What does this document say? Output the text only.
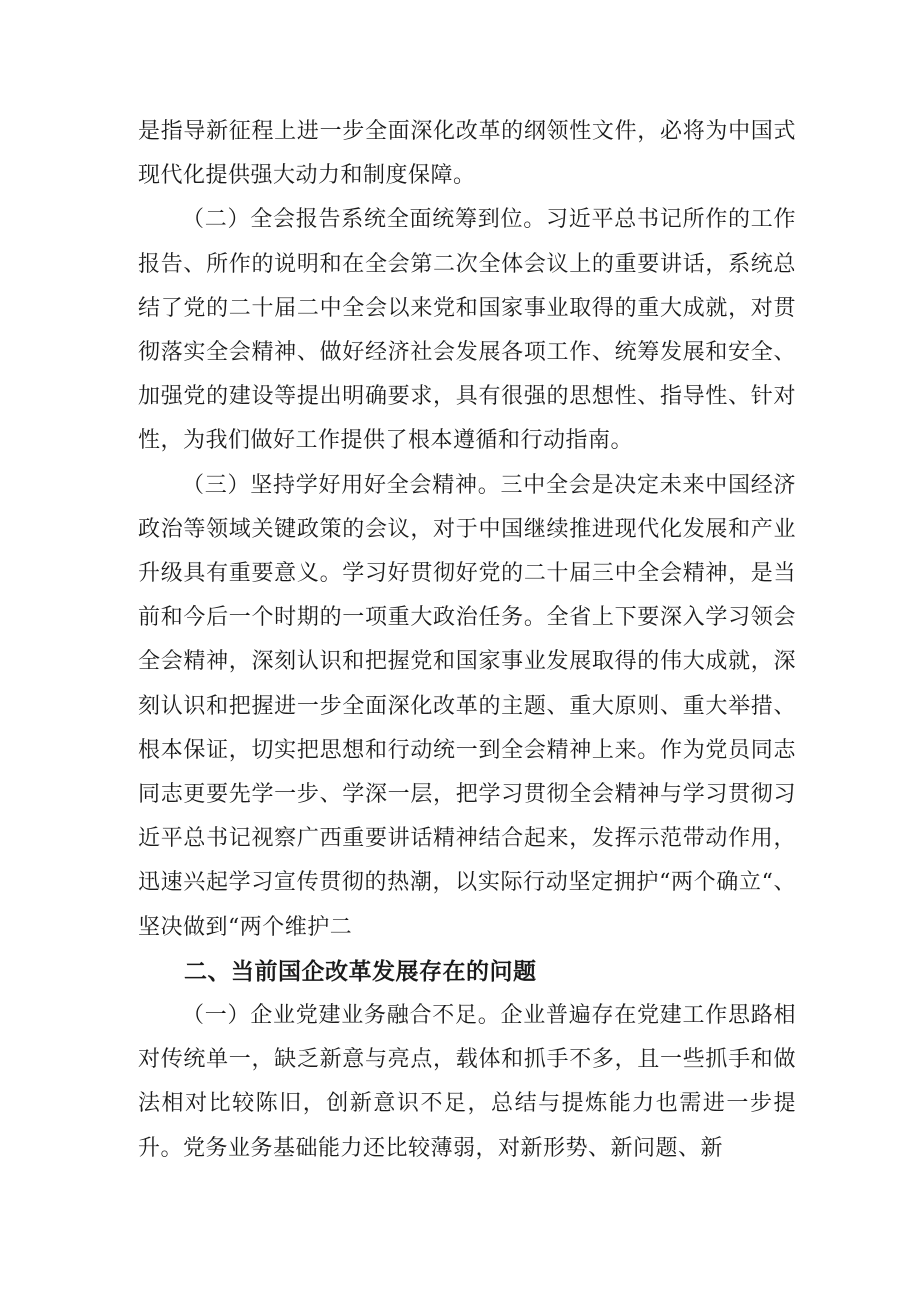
是指导新征程上进一步全面深化改革的纲领性文件，必将为中国式现代化提供强大动力和制度保障。

（二）全会报告系统全面统筹到位。习近平总书记所作的工作报告、所作的说明和在全会第二次全体会议上的重要讲话，系统总结了党的二十届二中全会以来党和国家事业取得的重大成就，对贯彻落实全会精神、做好经济社会发展各项工作、统筹发展和安全、加强党的建设等提出明确要求，具有很强的思想性、指导性、针对性，为我们做好工作提供了根本遵循和行动指南。

（三）坚持学好用好全会精神。三中全会是决定未来中国经济政治等领域关键政策的会议，对于中国继续推进现代化发展和产业升级具有重要意义。学习好贯彻好党的二十届三中全会精神，是当前和今后一个时期的一项重大政治任务。全省上下要深入学习领会全会精神，深刻认识和把握党和国家事业发展取得的伟大成就，深刻认识和把握进一步全面深化改革的主题、重大原则、重大举措、根本保证，切实把思想和行动统一到全会精神上来。作为党员同志同志更要先学一步、学深一层，把学习贯彻全会精神与学习贯彻习近平总书记视察广西重要讲话精神结合起来，发挥示范带动作用，迅速兴起学习宣传贯彻的热潮，以实际行动坚定拥护“两个确立“、坚决做到“两个维护二

二、当前国企改革发展存在的问题

（一）企业党建业务融合不足。企业普遍存在党建工作思路相对传统单一，缺乏新意与亮点，载体和抓手不多，且一些抓手和做法相对比较陈旧，创新意识不足，总结与提炼能力也需进一步提升。党务业务基础能力还比较薄弱，对新形势、新问题、新
